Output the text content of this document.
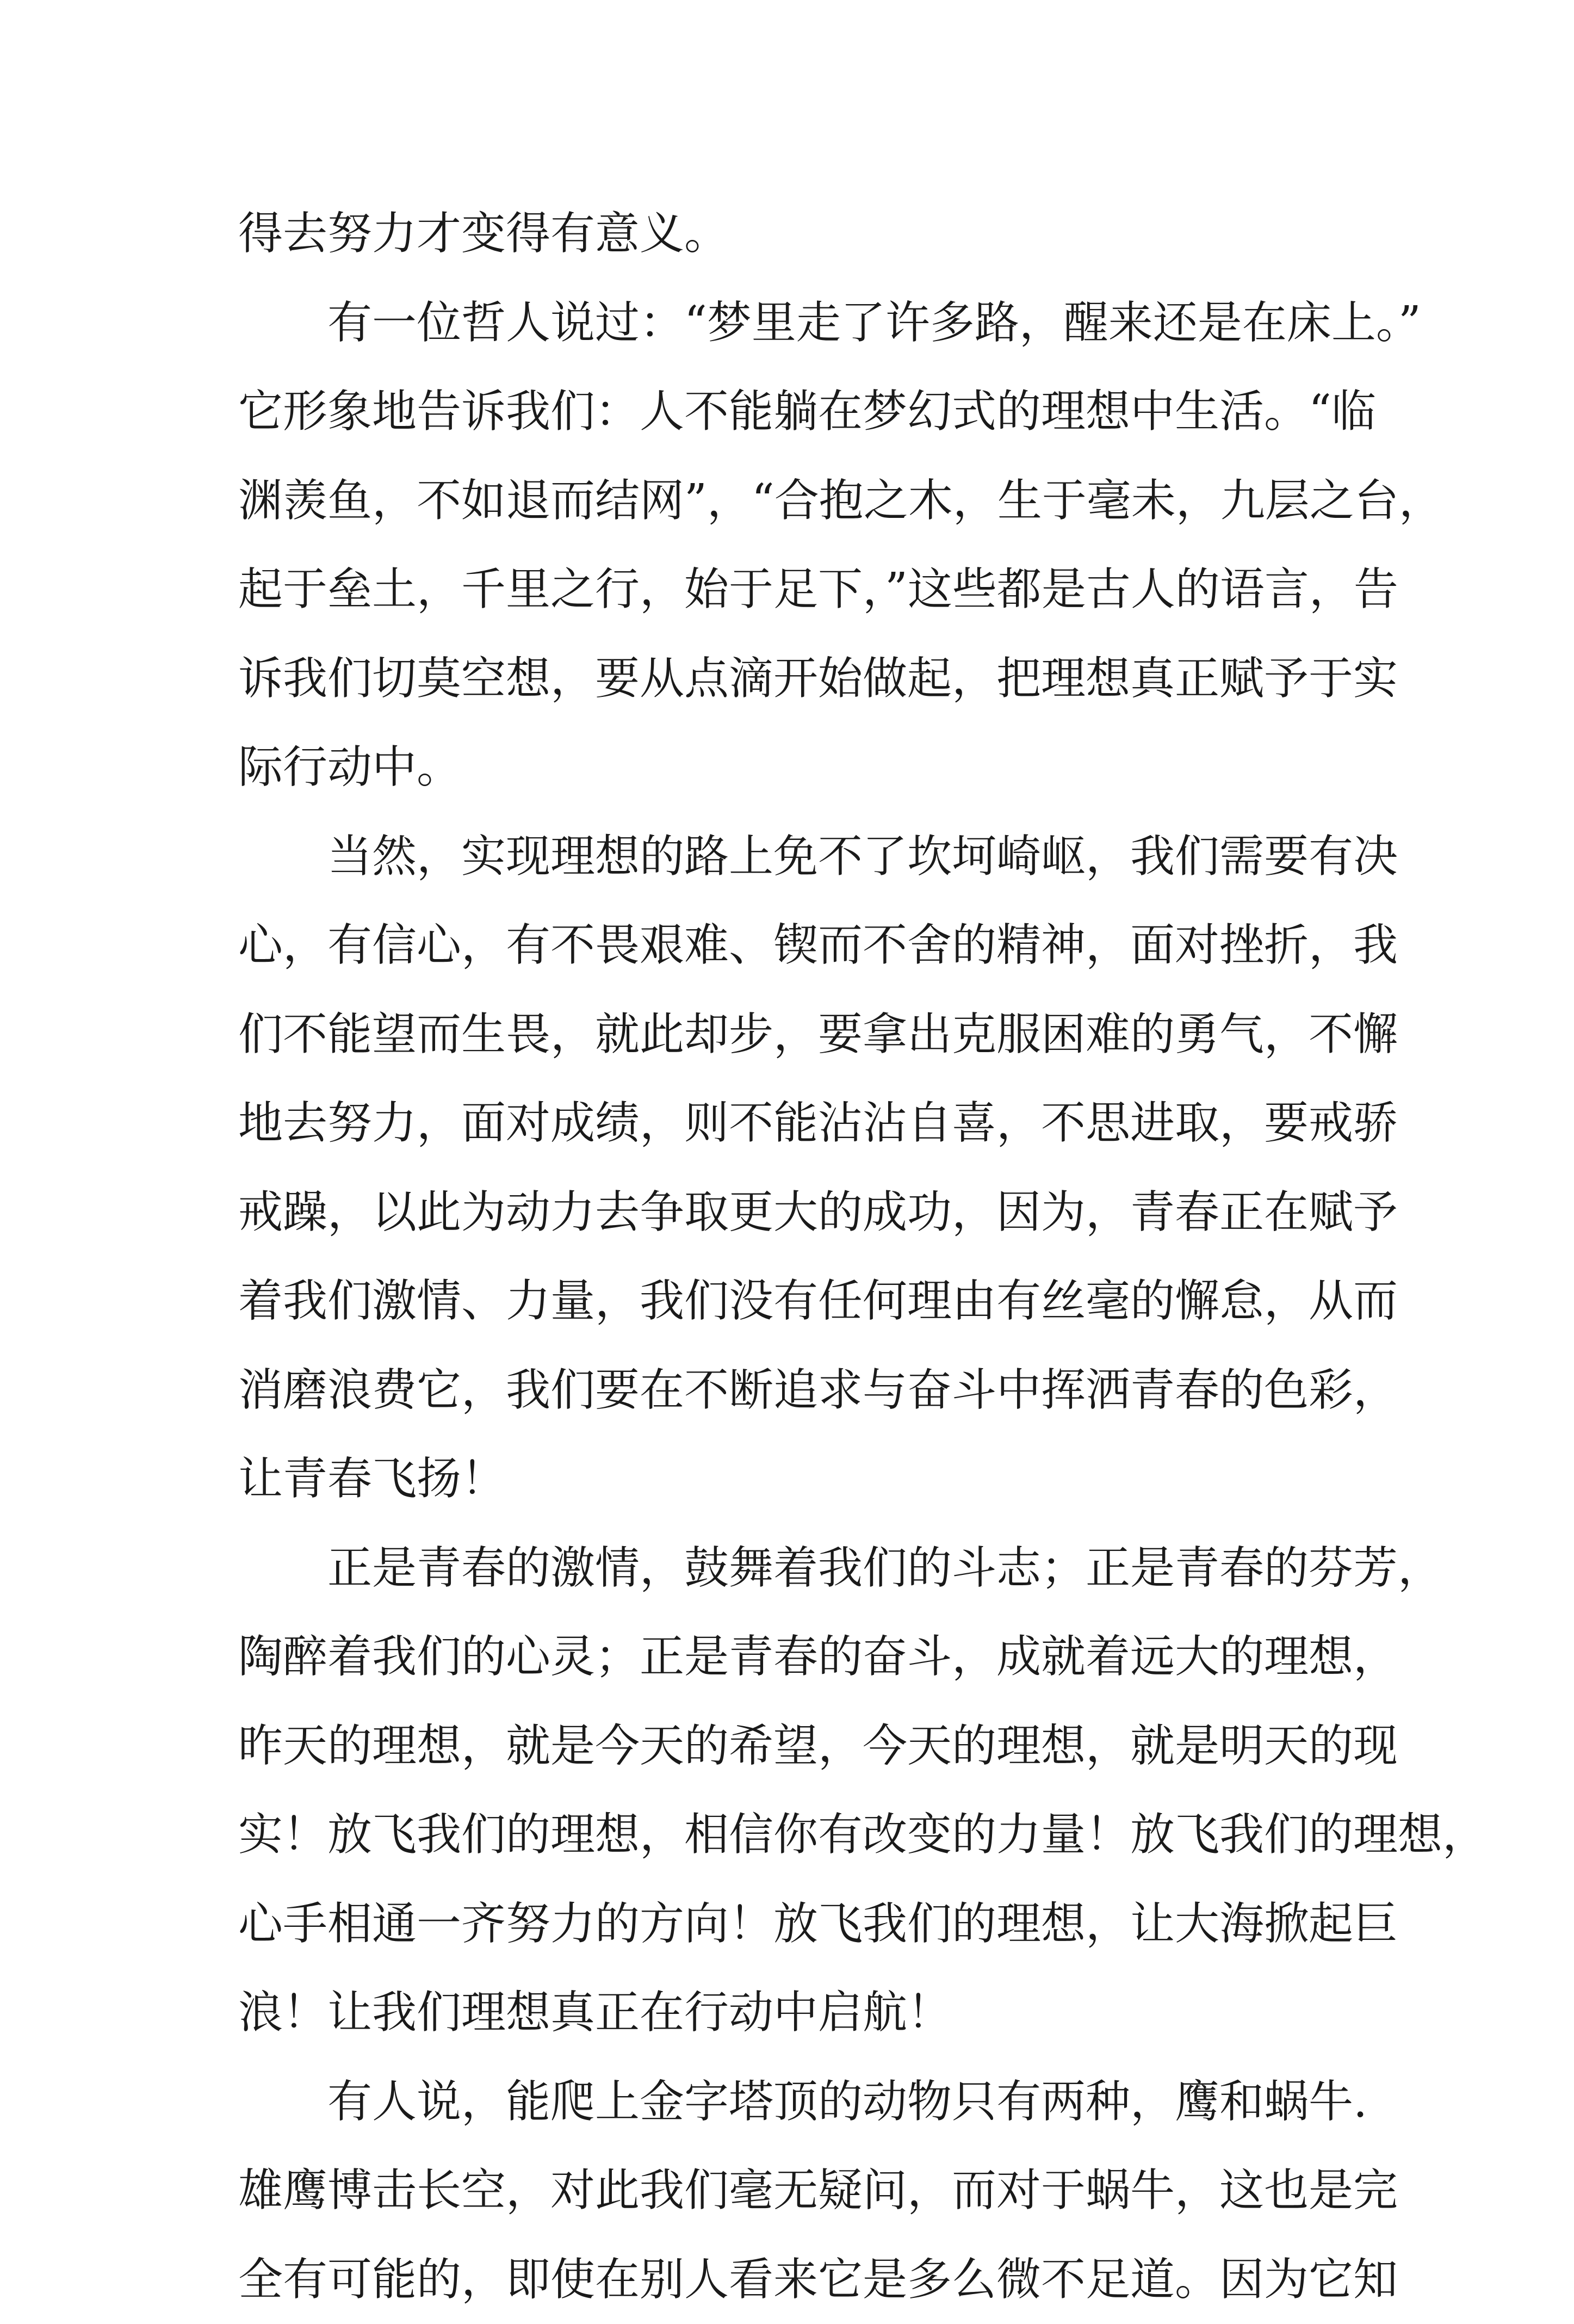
得去努力才变得有意义。
有一位哲人说过：“梦里走了许多路，醒来还是在床上。”
它形象地告诉我们：人不能躺在梦幻式的理想中生活。“临
渊羡鱼，不如退而结网”，“合抱之木，生于毫未，九层之台，
起于垒土，千里之行，始于足下，”这些都是古人的语言，告
诉我们切莫空想，要从点滴开始做起，把理想真正赋予于实
际行动中。
当然，实现理想的路上免不了坎坷崎岖，我们需要有决
心，有信心，有不畏艰难、锲而不舍的精神，面对挫折，我
们不能望而生畏，就此却步，要拿出克服困难的勇气，不懈
地去努力，面对成绩，则不能沾沾自喜，不思进取，要戒骄
戒躁，以此为动力去争取更大的成功，因为，青春正在赋予
着我们激情、力量，我们没有任何理由有丝毫的懈怠，从而
消磨浪费它，我们要在不断追求与奋斗中挥洒青春的色彩，
让青春飞扬！
正是青春的激情，鼓舞着我们的斗志；正是青春的芬芳，
陶醉着我们的心灵；正是青春的奋斗，成就着远大的理想，
昨天的理想，就是今天的希望，今天的理想，就是明天的现
实！放飞我们的理想，相信你有改变的力量！放飞我们的理想，
心手相通一齐努力的方向！放飞我们的理想，让大海掀起巨
浪！让我们理想真正在行动中启航！
有人说，能爬上金字塔顶的动物只有两种，鹰和蜗牛.
雄鹰博击长空，对此我们毫无疑问，而对于蜗牛，这也是完
全有可能的，即使在别人看来它是多么微不足道。因为它知
